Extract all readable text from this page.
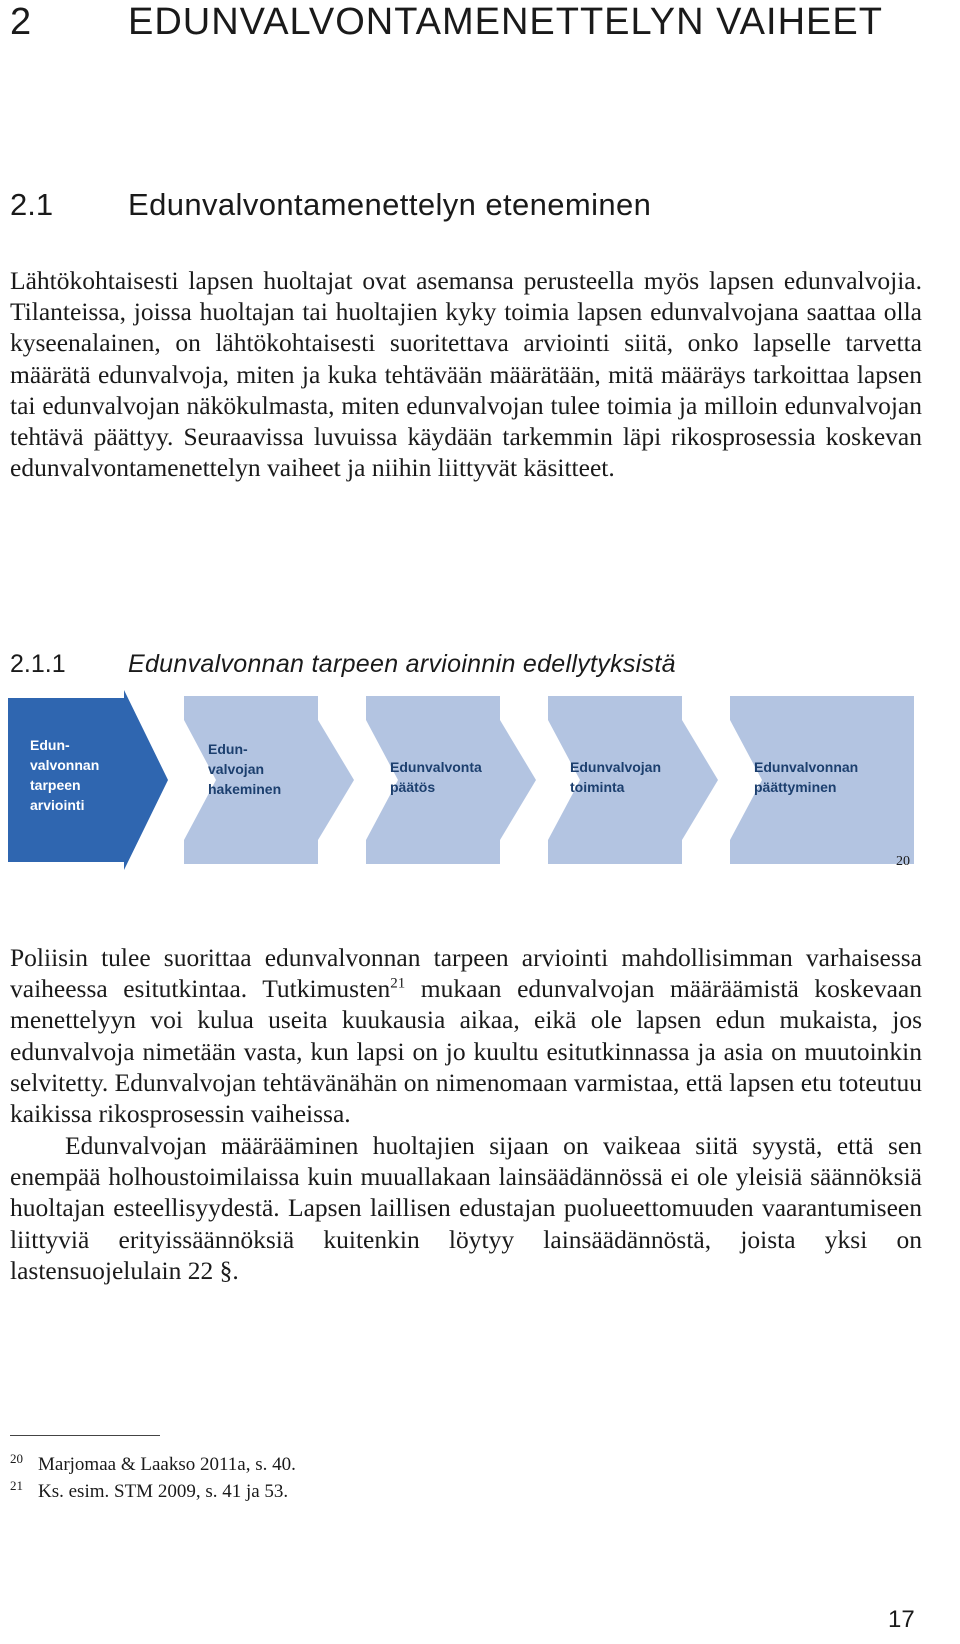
2	EDUNVALVONTAMENETTELYN VAIHEET
2.1 Edunvalvontamenettelyn eteneminen

Lähtökohtaisesti lapsen huoltajat ovat asemansa perusteella myös lapsen edunvalvojia. Tilanteissa, joissa huoltajan tai huoltajien kyky toimia lapsen edunvalvojana saattaa olla kyseenalainen, on lähtökohtaisesti suoritettava arviointi siitä, onko lapselle tarvetta määrätä edunvalvoja, miten ja kuka tehtävään määrätään, mitä määräys tarkoittaa lapsen tai edunvalvojan näkökulmasta, miten edunvalvojan tulee toimia ja milloin edunvalvojan tehtävä päättyy. Seuraavissa luvuissa käydään tarkemmin läpi rikosprosessia koskevan edunvalvontamenettelyn vaiheet ja niihin liittyvät käsitteet.

2.1.1 Edunvalvonnan tarpeen arvioinnin edellytyksistä
Edun-valvonnan tarpeen arviointi
Edun-valvojan hakeminen
Edunvalvonta päätös
Edunvalvojan toiminta
Edunvalvonnan päättyminen
20

Poliisin tulee suorittaa edunvalvonnan tarpeen arviointi mahdollisimman varhaisessa vaiheessa esitutkintaa. Tutkimusten$^{21}$ mukaan edunvalvojan määräämistä koskevaan menettelyyn voi kulua useita kuukausia aikaa, eikä ole lapsen edun mukaista, jos edunvalvoja nimetään vasta, kun lapsi on jo kuultu esitutkinnassa ja asia on muutoinkin selvitetty. Edunvalvojan tehtävänähän on nimenomaan varmistaa, että lapsen etu toteutuu kaikissa rikosprosessin vaiheissa.

Edunvalvojan määrääminen huoltajien sijaan on vaikeaa siitä syystä, että sen enempää holhoustoimilaissa kuin muuallakaan lainsäädännössä ei ole yleisiä säännöksiä huoltajan esteellisyydestä. Lapsen laillisen edustajan puolueettomuuden vaarantumiseen liittyviä erityissäännöksiä kuitenkin löytyy lainsäädännöstä, joista yksi on lastensuojelulain 22 §.

20 Marjomaa & Laakso 2011a, s. 40.
21 Ks. esim. STM 2009, s. 41 ja 53.
17
